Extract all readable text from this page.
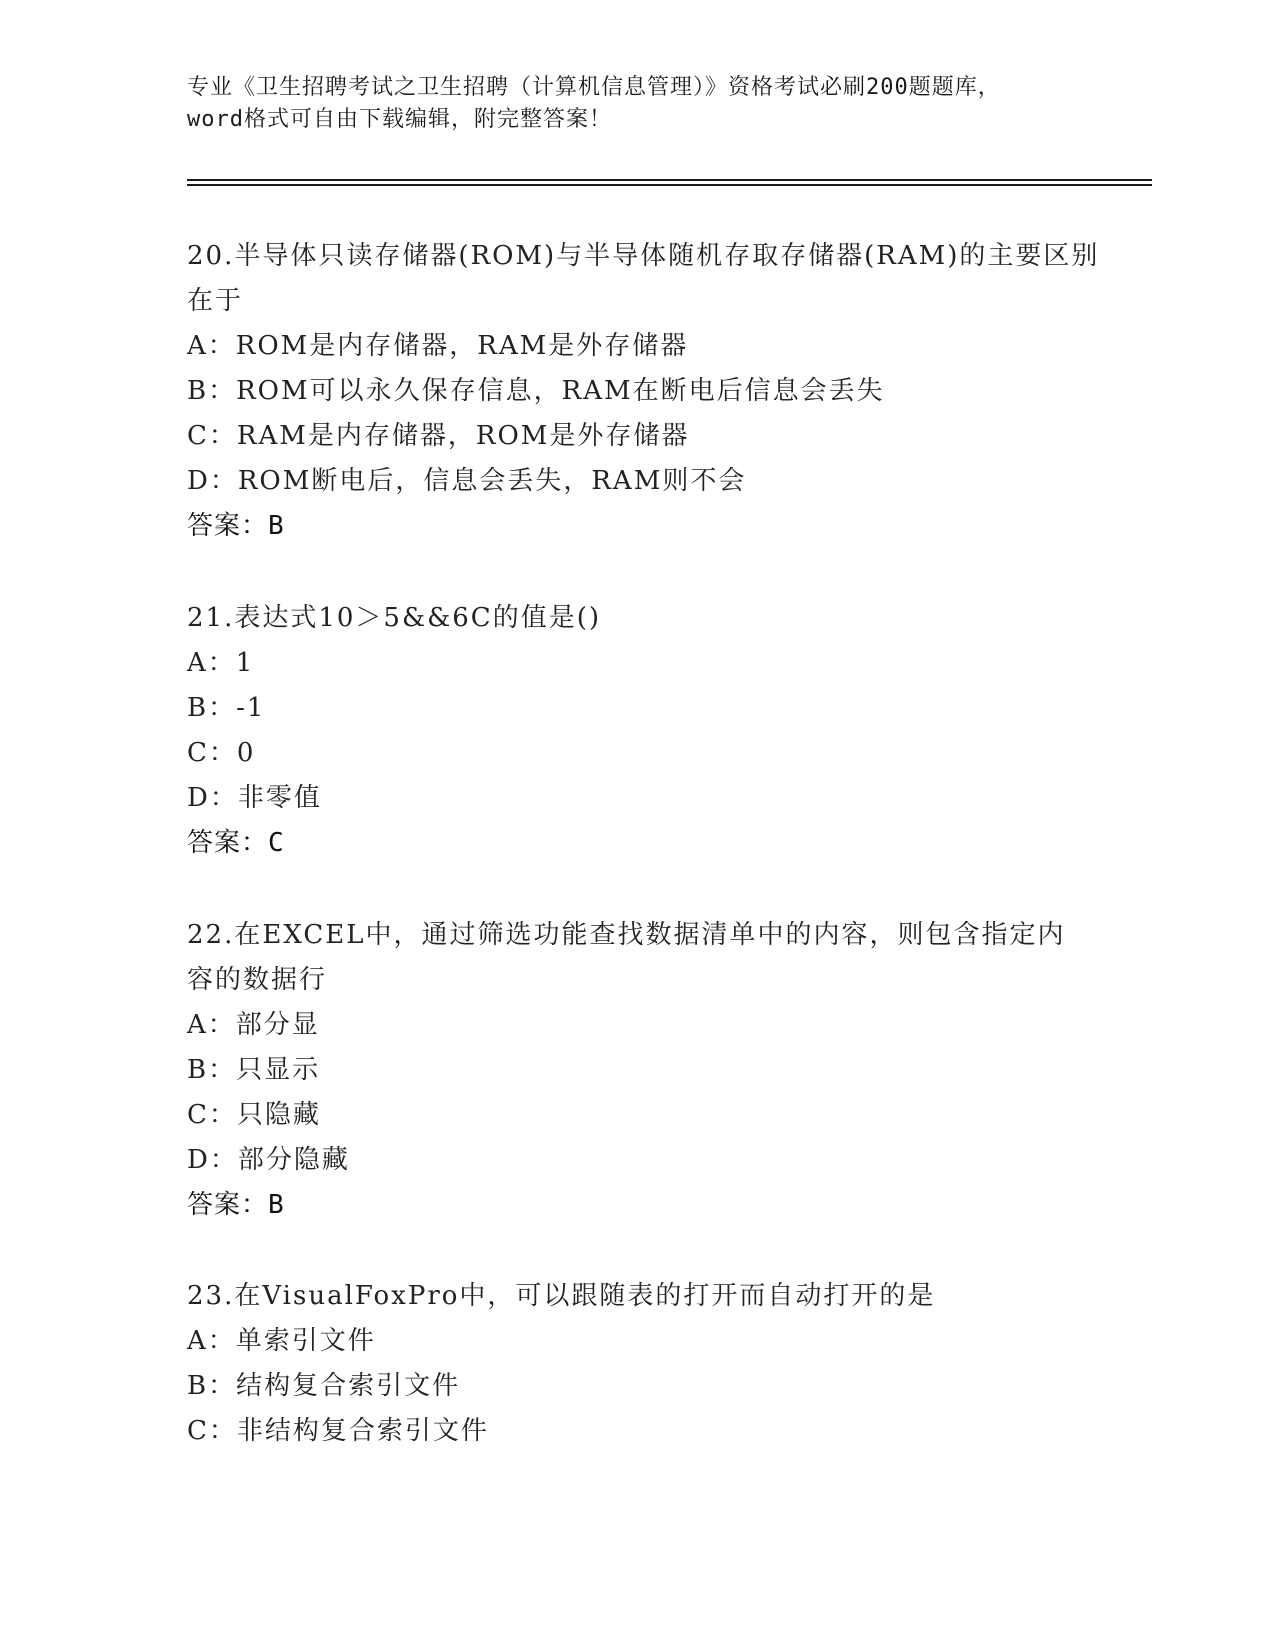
专业《卫生招聘考试之卫生招聘（计算机信息管理）》资格考试必刷200题题库，
word格式可自由下载编辑，附完整答案！
20.半导体只读存储器(ROM)与半导体随机存取存储器(RAM)的主要区别
在于
A：ROM是内存储器，RAM是外存储器
B：ROM可以永久保存信息，RAM在断电后信息会丢失
C：RAM是内存储器，ROM是外存储器
D：ROM断电后，信息会丢失，RAM则不会
答案：B
21.表达式10＞5&&6C的值是()
A：1
B：-1
C：0
D：非零值
答案：C
22.在EXCEL中，通过筛选功能查找数据清单中的内容，则包含指定内
容的数据行
A：部分显
B：只显示
C：只隐藏
D：部分隐藏
答案：B
23.在VisualFoxPro中，可以跟随表的打开而自动打开的是
A：单索引文件
B：结构复合索引文件
C：非结构复合索引文件
